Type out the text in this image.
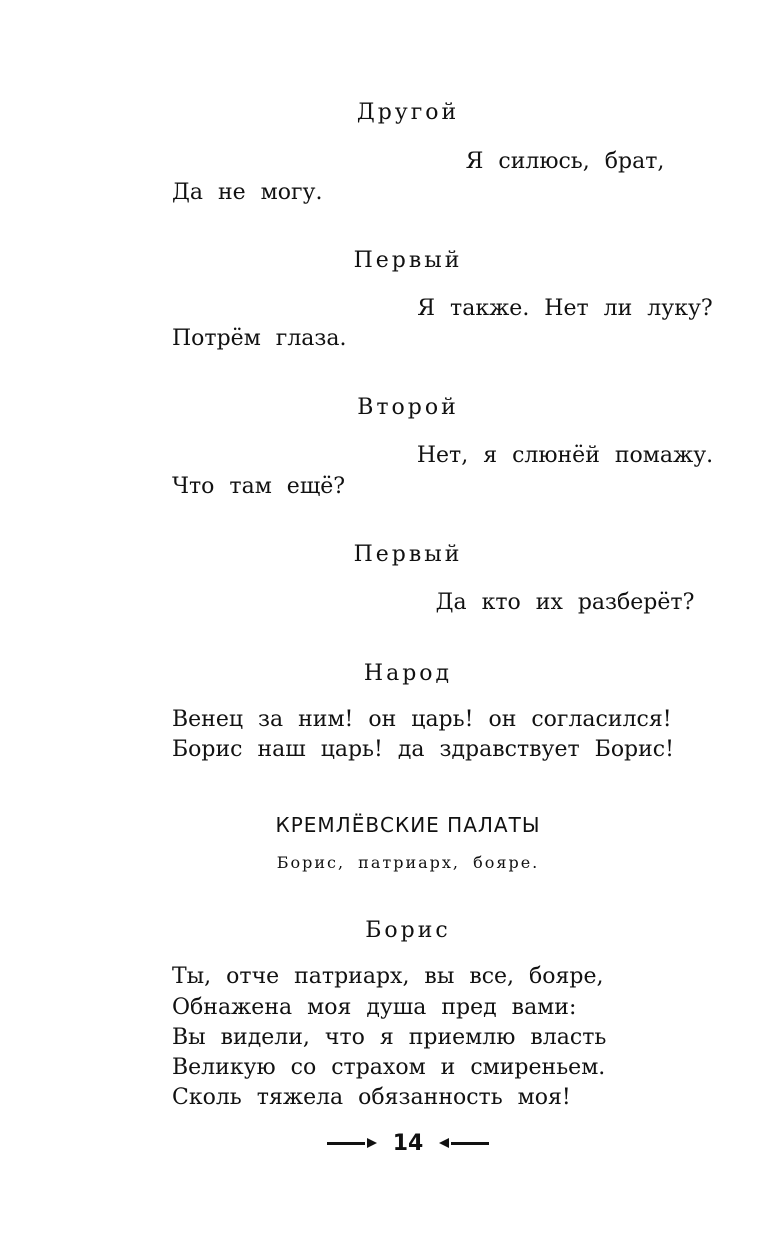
Другой
Я силюсь, брат,
Да не могу.
Первый
Я также. Нет ли луку?
Потрём глаза.
Второй
Нет, я слюнёй помажу.
Что там ещё?
Первый
Да кто их разберёт?
Народ
Венец за ним! он царь! он согласился!
Борис наш царь! да здравствует Борис!
КРЕМЛЁВСКИЕ ПАЛАТЫ
Борис, патриарх, бояре.
Борис
Ты, отче патриарх, вы все, бояре,
Обнажена моя душа пред вами:
Вы видели, что я приемлю власть
Великую со страхом и смиреньем.
Сколь тяжела обязанность моя!
14
